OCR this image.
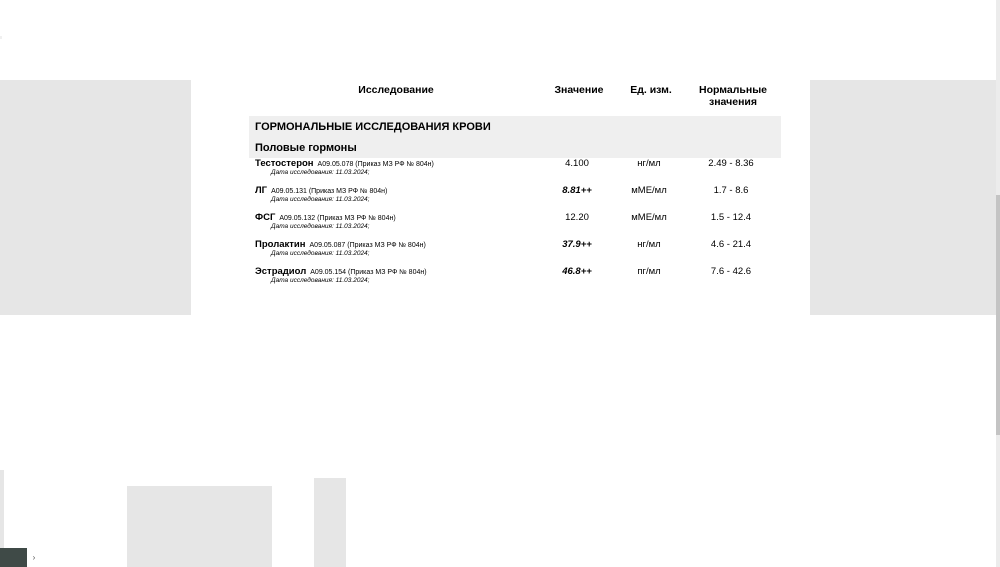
›
Исследование	Значение	Ед. изм.	Нормальные
значения
ГОРМОНАЛЬНЫЕ ИССЛЕДОВАНИЯ КРОВИ
Половые гормоны
Тестостерон A09.05.078 (Приказ МЗ РФ № 804н)
Дата исследования: 11.03.2024;
4.100	нг/мл	2.49 - 8.36
ЛГ A09.05.131 (Приказ МЗ РФ № 804н)
Дата исследования: 11.03.2024;
8.81++	мМЕ/мл	1.7 - 8.6
ФСГ A09.05.132 (Приказ МЗ РФ № 804н)
Дата исследования: 11.03.2024;
12.20	мМЕ/мл	1.5 - 12.4
Пролактин A09.05.087 (Приказ МЗ РФ № 804н)
Дата исследования: 11.03.2024;
37.9++	нг/мл	4.6 - 21.4
Эстрадиол A09.05.154 (Приказ МЗ РФ № 804н)
Дата исследования: 11.03.2024;
46.8++	пг/мл	7.6 - 42.6
